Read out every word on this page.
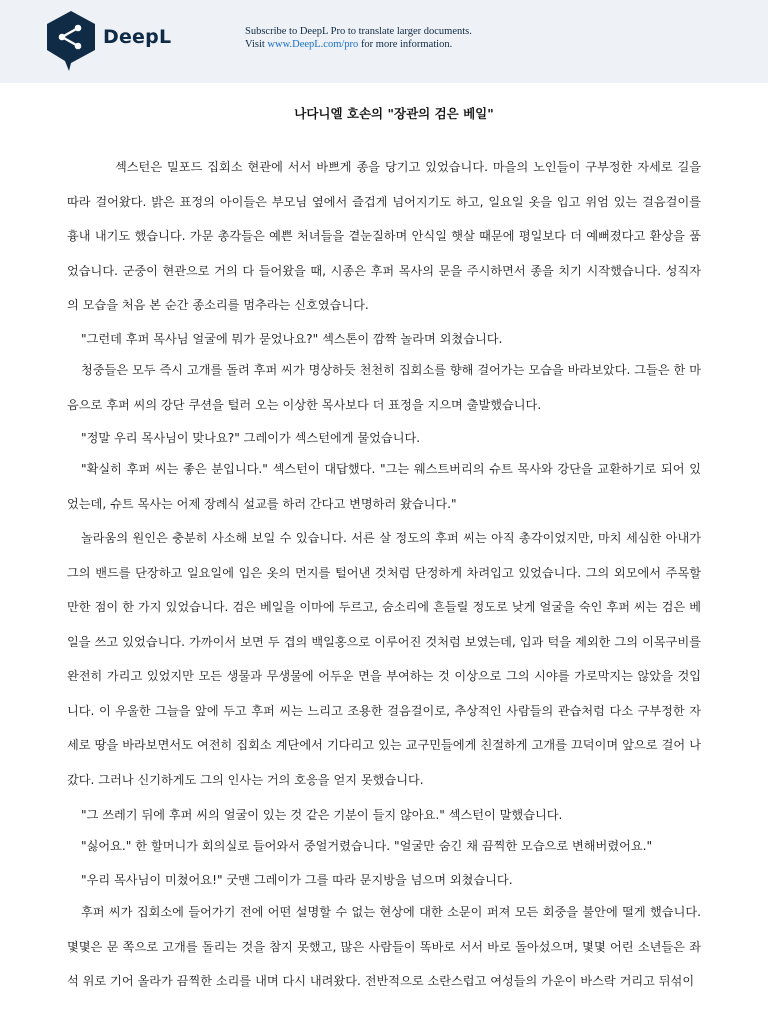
DeepL	Subscribe to DeepL Pro to translate larger documents.
Visit www.DeepL.com/pro for more information.
나다니엘 호손의 "장관의 검은 베일"

섹스턴은 밀포드 집회소 현관에 서서 바쁘게 종을 당기고 있었습니다. 마을의 노인들이 구부정한 자세로 길을 따라 걸어왔다. 밝은 표정의 아이들은 부모님 옆에서 즐겁게 넘어지기도 하고, 일요일 옷을 입고 위엄 있는 걸음걸이를 흉내 내기도 했습니다. 가문 총각들은 예쁜 처녀들을 곁눈질하며 안식일 햇살 때문에 평일보다 더 예뻐졌다고 환상을 품었습니다. 군중이 현관으로 거의 다 들어왔을 때, 시종은 후퍼 목사의 문을 주시하면서 종을 치기 시작했습니다. 성직자의 모습을 처음 본 순간 종소리를 멈추라는 신호였습니다.

"그런데 후퍼 목사님 얼굴에 뭐가 묻었나요?" 섹스톤이 깜짝 놀라며 외쳤습니다.

청중들은 모두 즉시 고개를 돌려 후퍼 씨가 명상하듯 천천히 집회소를 향해 걸어가는 모습을 바라보았다. 그들은 한 마음으로 후퍼 씨의 강단 쿠션을 털러 오는 이상한 목사보다 더 표정을 지으며 출발했습니다.

"정말 우리 목사님이 맞나요?" 그레이가 섹스턴에게 물었습니다.

"확실히 후퍼 씨는 좋은 분입니다." 섹스턴이 대답했다. "그는 웨스트버리의 슈트 목사와 강단을 교환하기로 되어 있었는데, 슈트 목사는 어제 장례식 설교를 하러 간다고 변명하러 왔습니다."

놀라움의 원인은 충분히 사소해 보일 수 있습니다. 서른 살 정도의 후퍼 씨는 아직 총각이었지만, 마치 세심한 아내가 그의 밴드를 단장하고 일요일에 입은 옷의 먼지를 털어낸 것처럼 단정하게 차려입고 있었습니다. 그의 외모에서 주목할 만한 점이 한 가지 있었습니다. 검은 베일을 이마에 두르고, 숨소리에 흔들릴 정도로 낮게 얼굴을 숙인 후퍼 씨는 검은 베일을 쓰고 있었습니다. 가까이서 보면 두 겹의 백일홍으로 이루어진 것처럼 보였는데, 입과 턱을 제외한 그의 이목구비를 완전히 가리고 있었지만 모든 생물과 무생물에 어두운 면을 부여하는 것 이상으로 그의 시야를 가로막지는 않았을 것입니다. 이 우울한 그늘을 앞에 두고 후퍼 씨는 느리고 조용한 걸음걸이로, 추상적인 사람들의 관습처럼 다소 구부정한 자세로 땅을 바라보면서도 여전히 집회소 계단에서 기다리고 있는 교구민들에게 친절하게 고개를 끄덕이며 앞으로 걸어 나갔다. 그러나 신기하게도 그의 인사는 거의 호응을 얻지 못했습니다.

"그 쓰레기 뒤에 후퍼 씨의 얼굴이 있는 것 같은 기분이 들지 않아요." 섹스턴이 말했습니다.

"싫어요." 한 할머니가 회의실로 들어와서 중얼거렸습니다. "얼굴만 숨긴 채 끔찍한 모습으로 변해버렸어요."

"우리 목사님이 미쳤어요!" 굿맨 그레이가 그를 따라 문지방을 넘으며 외쳤습니다.

후퍼 씨가 집회소에 들어가기 전에 어떤 설명할 수 없는 현상에 대한 소문이 퍼져 모든 회중을 불안에 떨게 했습니다. 몇몇은 문 쪽으로 고개를 돌리는 것을 참지 못했고, 많은 사람들이 똑바로 서서 바로 돌아섰으며, 몇몇 어린 소년들은 좌석 위로 기어 올라가 끔찍한 소리를 내며 다시 내려왔다. 전반적으로 소란스럽고 여성들의 가운이 바스락 거리고 뒤섞이
